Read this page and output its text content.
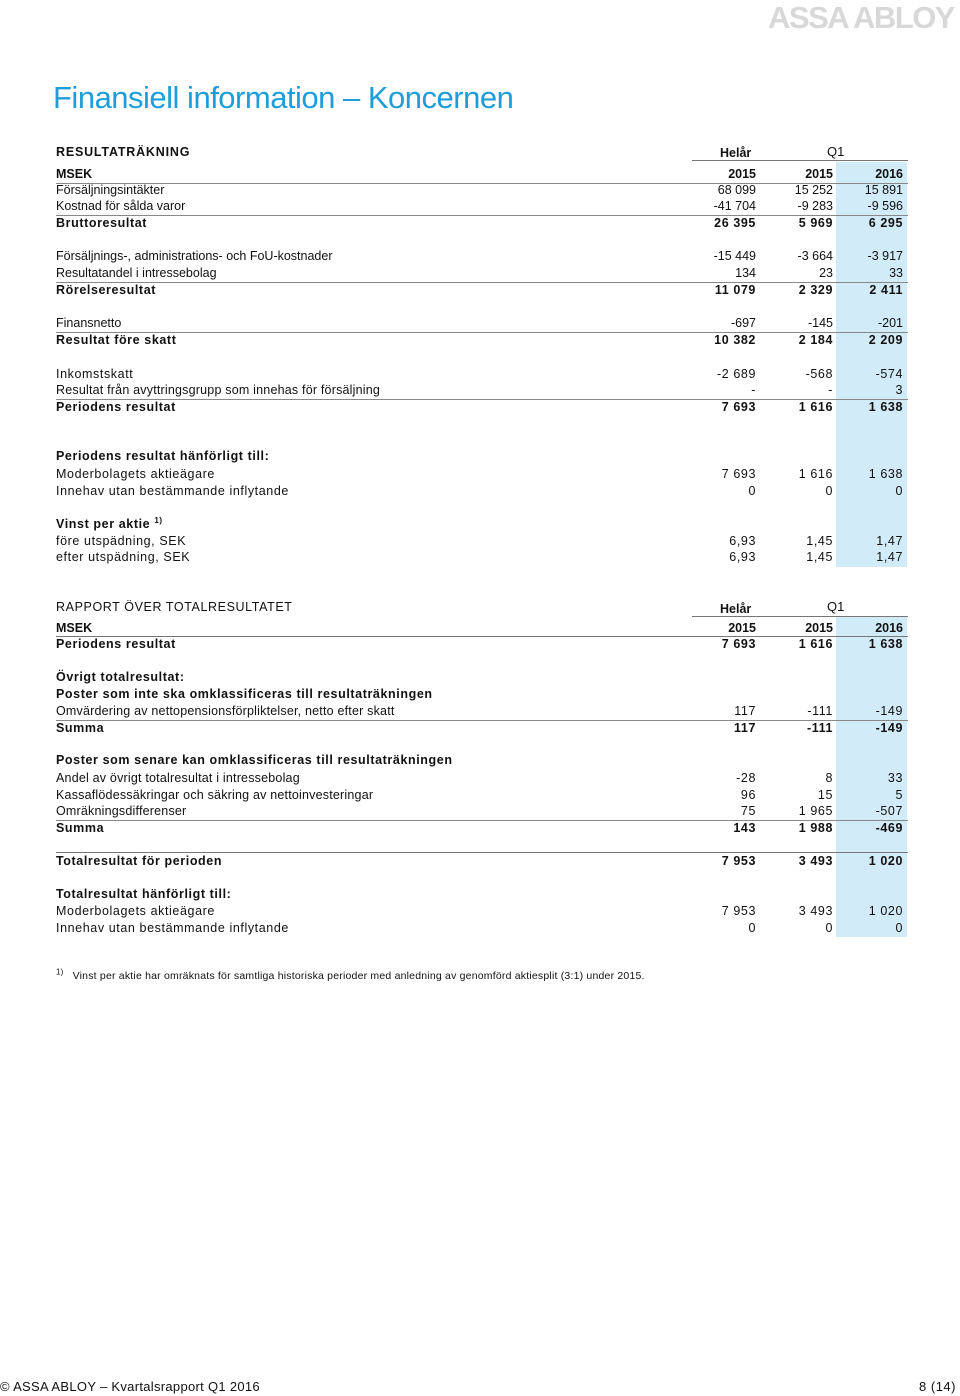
ASSA ABLOY
Finansiell information – Koncernen
RESULTATRÄKNING	Helår	Q1
MSEK	2015	2015	2016
Försäljningsintäkter	68 099	15 252	15 891
Kostnad för sålda varor	-41 704	-9 283	-9 596
Bruttoresultat	26 395	5 969	6 295
Försäljnings-, administrations- och FoU-kostnader	-15 449	-3 664	-3 917
Resultatandel i intressebolag	134	23	33
Rörelseresultat	11 079	2 329	2 411
Finansnetto	-697	-145	-201
Resultat före skatt	10 382	2 184	2 209
Inkomstskatt	-2 689	-568	-574
Resultat från avyttringsgrupp som innehas för försäljning	-	-	3
Periodens resultat	7 693	1 616	1 638
Periodens resultat hänförligt till:
Moderbolagets aktieägare	7 693	1 616	1 638
Innehav utan bestämmande inflytande	0	0	0
Vinst per aktie $^{1)}$
före utspädning, SEK	6,93	1,45	1,47
efter utspädning, SEK	6,93	1,45	1,47
RAPPORT ÖVER TOTALRESULTATET	Helår	Q1
MSEK	2015	2015	2016
Periodens resultat	7 693	1 616	1 638
Övrigt totalresultat:
Poster som inte ska omklassificeras till resultaträkningen
Omvärdering av nettopensionsförpliktelser, netto efter skatt	117	-111	-149
Summa	117	-111	-149
Poster som senare kan omklassificeras till resultaträkningen
Andel av övrigt totalresultat i intressebolag	-28	8	33
Kassaflödessäkringar och säkring av nettoinvesteringar	96	15	5
Omräkningsdifferenser	75	1 965	-507
Summa	143	1 988	-469
Totalresultat för perioden	7 953	3 493	1 020
Totalresultat hänförligt till:
Moderbolagets aktieägare	7 953	3 493	1 020
Innehav utan bestämmande inflytande	0	0	0
$^{1)}$ Vinst per aktie har omräknats för samtliga historiska perioder med anledning av genomförd aktiesplit (3:1) under 2015.
© ASSA ABLOY – Kvartalsrapport Q1 2016	8 (14)
